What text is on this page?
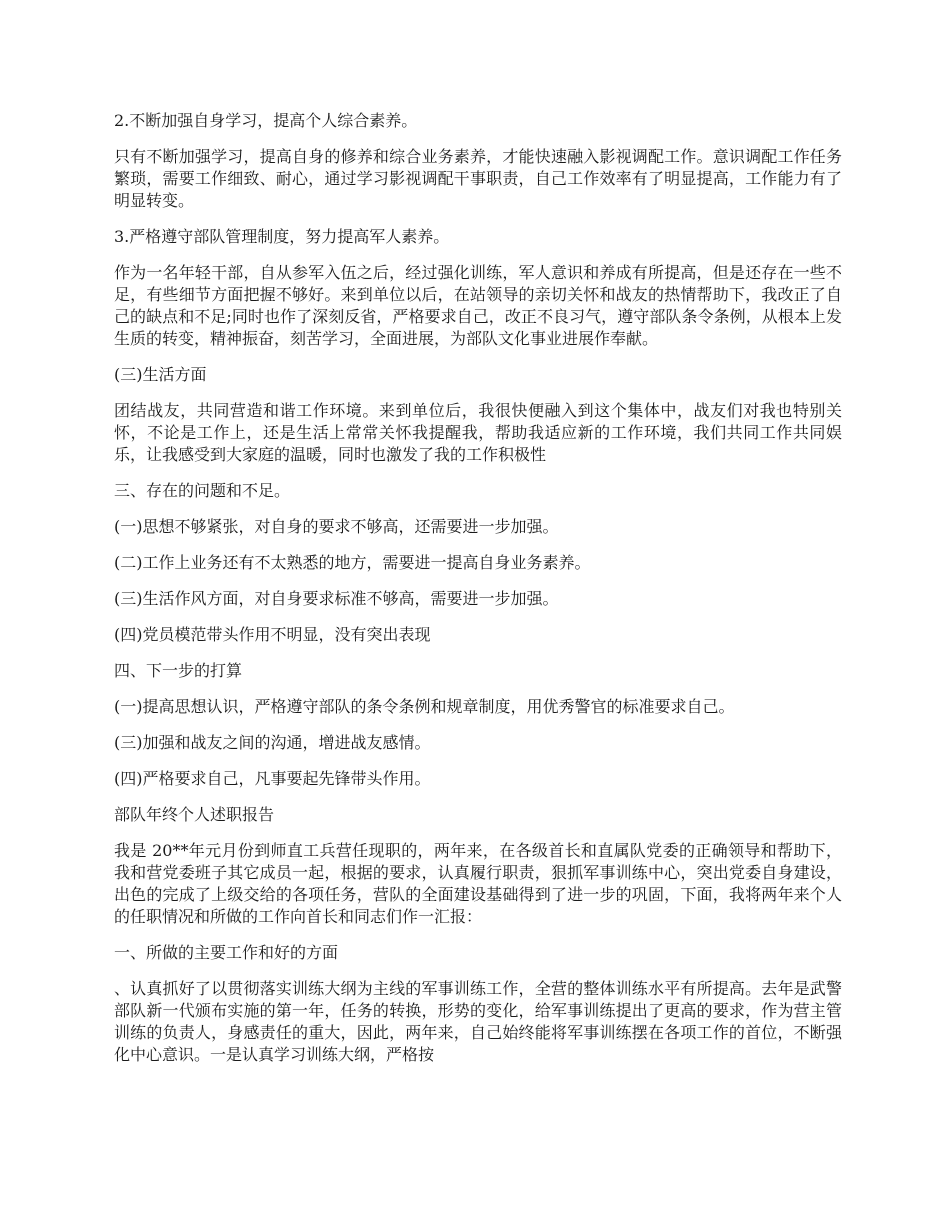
2.不断加强自身学习，提高个人综合素养。

只有不断加强学习，提高自身的修养和综合业务素养，才能快速融入影视调配工作。意识调配工作任务繁琐，需要工作细致、耐心，通过学习影视调配干事职责，自己工作效率有了明显提高，工作能力有了明显转变。

3.严格遵守部队管理制度，努力提高军人素养。

作为一名年轻干部，自从参军入伍之后，经过强化训练，军人意识和养成有所提高，但是还存在一些不足，有些细节方面把握不够好。来到单位以后，在站领导的亲切关怀和战友的热情帮助下，我改正了自己的缺点和不足;同时也作了深刻反省，严格要求自己，改正不良习气，遵守部队条令条例，从根本上发生质的转变，精神振奋，刻苦学习，全面进展，为部队文化事业进展作奉献。

(三)生活方面

团结战友，共同营造和谐工作环境。来到单位后，我很快便融入到这个集体中，战友们对我也特别关怀，不论是工作上，还是生活上常常关怀我提醒我，帮助我适应新的工作环境，我们共同工作共同娱乐，让我感受到大家庭的温暖，同时也激发了我的工作积极性

三、存在的问题和不足。

(一)思想不够紧张，对自身的要求不够高，还需要进一步加强。

(二)工作上业务还有不太熟悉的地方，需要进一提高自身业务素养。

(三)生活作风方面，对自身要求标准不够高，需要进一步加强。

(四)党员模范带头作用不明显，没有突出表现

四、下一步的打算

(一)提高思想认识，严格遵守部队的条令条例和规章制度，用优秀警官的标准要求自己。

(三)加强和战友之间的沟通，增进战友感情。

(四)严格要求自己，凡事要起先锋带头作用。

部队年终个人述职报告

我是 20**年元月份到师直工兵营任现职的，两年来，在各级首长和直属队党委的正确领导和帮助下，我和营党委班子其它成员一起，根据的要求，认真履行职责，狠抓军事训练中心，突出党委自身建设，出色的完成了上级交给的各项任务，营队的全面建设基础得到了进一步的巩固，下面，我将两年来个人的任职情况和所做的工作向首长和同志们作一汇报：

一、所做的主要工作和好的方面

、认真抓好了以贯彻落实训练大纲为主线的军事训练工作，全营的整体训练水平有所提高。去年是武警部队新一代颁布实施的第一年，任务的转换，形势的变化，给军事训练提出了更高的要求，作为营主管训练的负责人，身感责任的重大，因此，两年来，自己始终能将军事训练摆在各项工作的首位，不断强化中心意识。一是认真学习训练大纲，严格按
